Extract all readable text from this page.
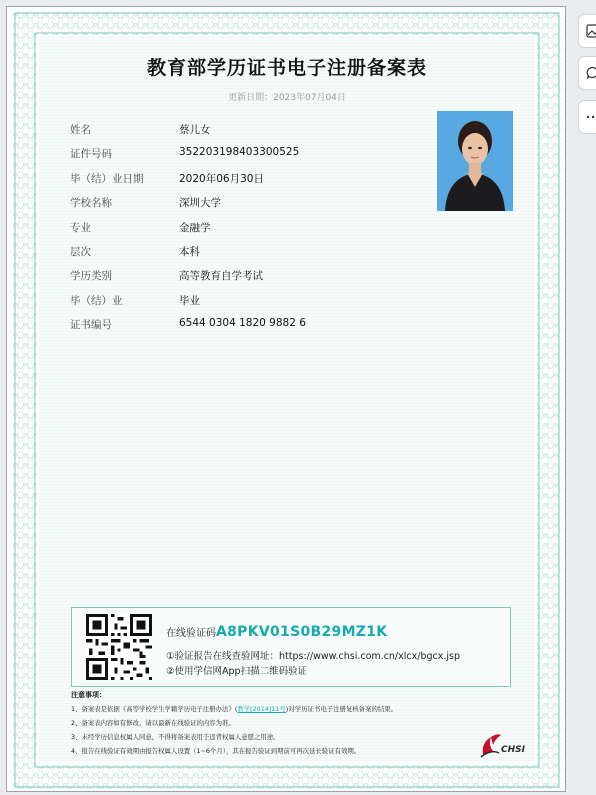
教育部学历证书电子注册备案表
更新日期：2023年07月04日
姓名	蔡儿女
证件号码	352203198403300525
毕（结）业日期	2020年06月30日
学校名称	深圳大学
专业	金融学
层次	本科
学历类别	高等教育自学考试
毕（结）业	毕业
证书编号	6544 0304 1820 9882 6
在线验证码A8PKV01S0B29MZ1K
①验证报告在线查验网址：https://www.chsi.com.cn/xlcx/bgcx.jsp
②使用学信网App扫描二维码验证
注意事项：
1、备案表是依据《高等学校学生学籍学历电子注册办法》(教学[2014]11号)对学历证书电子注册复核备案的结果。
2、备案表内容如有修改，请以最新在线验证的内容为准。
3、未经学历信息权属人同意，不得将备案表用于违背权属人意愿之用途。
4、报告在线验证有效期由报告权属人设置（1~6个月），其在报告验证到期前可再次延长验证有效期。	CHSI
